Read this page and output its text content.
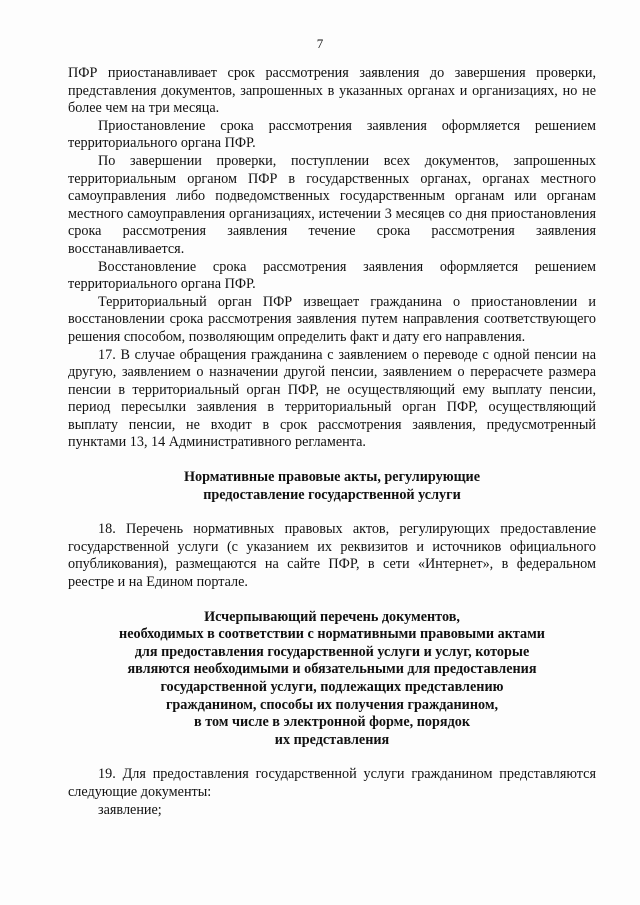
7

ПФР приостанавливает срок рассмотрения заявления до завершения проверки, представления документов, запрошенных в указанных органах и организациях, но не более чем на три месяца.

Приостановление срока рассмотрения заявления оформляется решением территориального органа ПФР.

По завершении проверки, поступлении всех документов, запрошенных территориальным органом ПФР в государственных органах, органах местного самоуправления либо подведомственных государственным органам или органам местного самоуправления организациях, истечении 3 месяцев со дня приостановления срока рассмотрения заявления течение срока рассмотрения заявления восстанавливается.

Восстановление срока рассмотрения заявления оформляется решением территориального органа ПФР.

Территориальный орган ПФР извещает гражданина о приостановлении и восстановлении срока рассмотрения заявления путем направления соответствующего решения способом, позволяющим определить факт и дату его направления.

17. В случае обращения гражданина с заявлением о переводе с одной пенсии на другую, заявлением о назначении другой пенсии, заявлением о перерасчете размера пенсии в территориальный орган ПФР, не осуществляющий ему выплату пенсии, период пересылки заявления в территориальный орган ПФР, осуществляющий выплату пенсии, не входит в срок рассмотрения заявления, предусмотренный пунктами 13, 14 Административного регламента.

Нормативные правовые акты, регулирующие
предоставление государственной услуги

18. Перечень нормативных правовых актов, регулирующих предоставление государственной услуги (с указанием их реквизитов и источников официального опубликования), размещаются на сайте ПФР, в сети «Интернет», в федеральном реестре и на Едином портале.

Исчерпывающий перечень документов,
необходимых в соответствии с нормативными правовыми актами
для предоставления государственной услуги и услуг, которые
являются необходимыми и обязательными для предоставления
государственной услуги, подлежащих представлению
гражданином, способы их получения гражданином,
в том числе в электронной форме, порядок
их представления

19. Для предоставления государственной услуги гражданином представляются следующие документы:

заявление;
